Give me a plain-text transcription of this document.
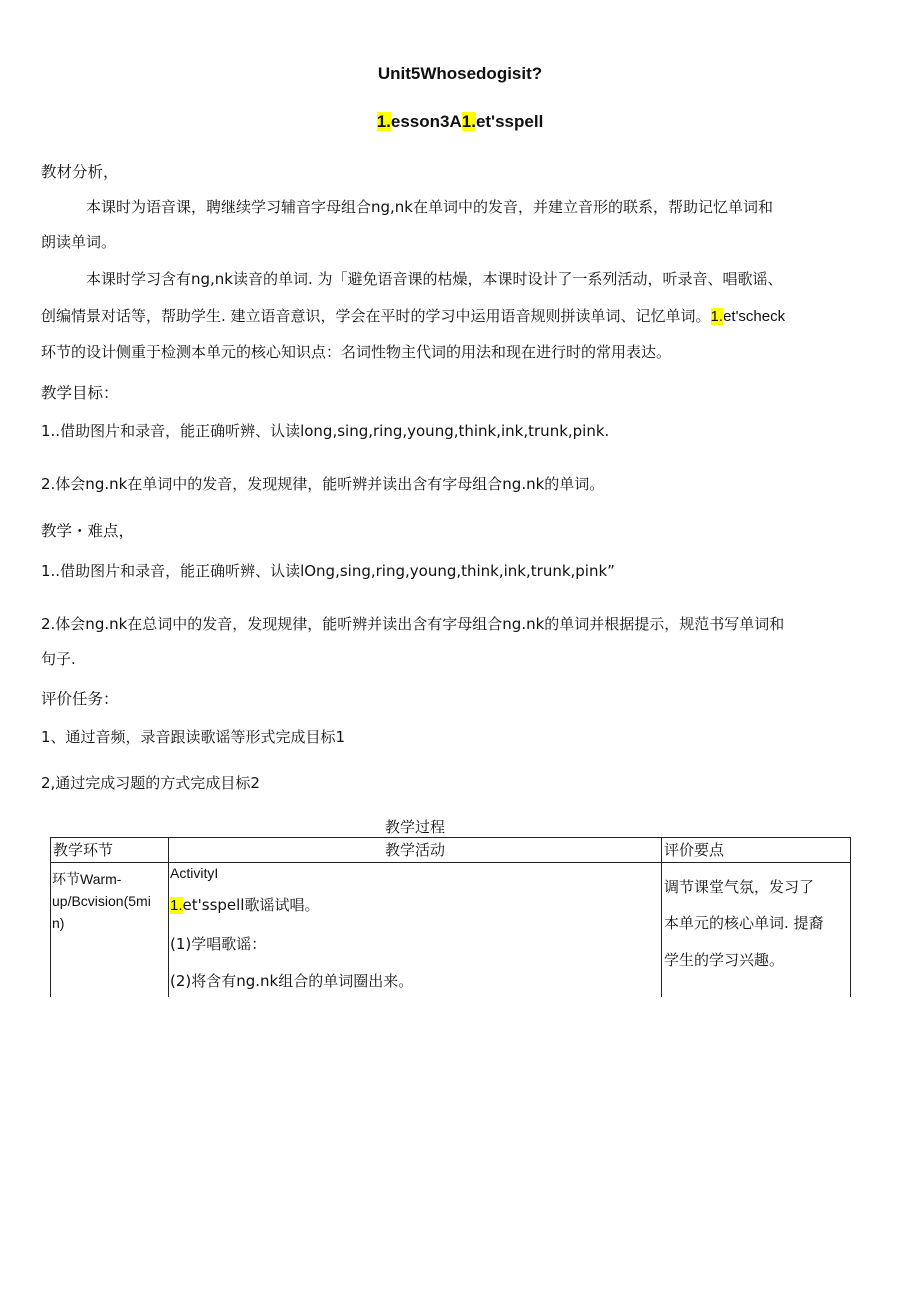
Unit5Whosedogisit?
1.esson3A1.et'sspell
教材分析，
本课时为语音课，聘继续学习辅音字母组合ng,nk在单词中的发音，并建立音形的联系，帮助记忆单词和
朗读单词。
本课时学习含有ng,nk读音的单词. 为「避免语音课的枯燥，本课时设计了一系列活动，听录音、唱歌谣、
创编情景对话等，帮助学生. 建立语音意识，学会在平时的学习中运用语音规则拼读单词、记忆单词。1.et'scheck
环节的设计侧重于检测本单元的核心知识点：名词性物主代词的用法和现在进行时的常用表达。
教学目标：
1..借助图片和录音，能正确听辨、认读long,sing,ring,young,think,ink,trunk,pink.
2.体会ng.nk在单词中的发音，发现规律，能听辨并读出含有字母组合ng.nk的单词。
教学・难点，
1..借助图片和录音，能正确听辨、认读lOng,sing,ring,young,think,ink,trunk,pink”
2.体会ng.nk在总词中的发音，发现规律，能听辨并读出含有字母组合ng.nk的单词并根据提示，规范书写单词和
句子.
评价任务：
1、通过音频，录音跟读歌谣等形式完成目标1
2,通过完成习题的方式完成目标2
教学过程
教学环节	教学活动	评价要点
环节Warm-
up/Bcvision(5mi
n)
ActivityI
1.et'sspell歌谣试唱。
(1)学唱歌谣：
(2)将含有ng.nk组合的单词圈出来。
调节课堂气氛，发习了
本单元的核心单词. 提裔
学生的学习兴趣。
